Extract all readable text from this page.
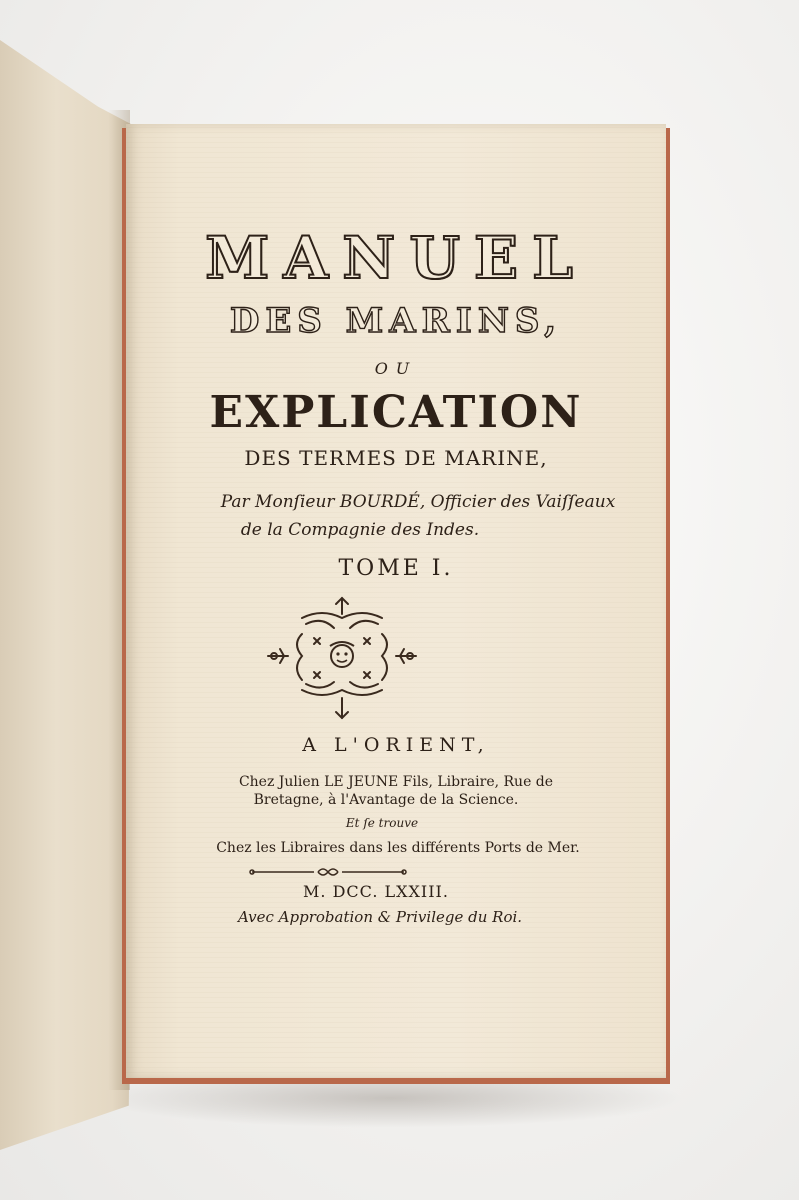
MANUEL
DES MARINS,
OU
EXPLICATION
DES TERMES DE MARINE,
Par Monſieur BOURDÉ, Officier des Vaiſſeaux
de la Compagnie des Indes.
TOME I.
A L'ORIENT,
Chez Julien LE JEUNE Fils, Libraire, Rue de
Bretagne, à l'Avantage de la Science.
Et ſe trouve
Chez les Libraires dans les différents Ports de Mer.
M. DCC. LXXIII.
Avec Approbation & Privilege du Roi.
